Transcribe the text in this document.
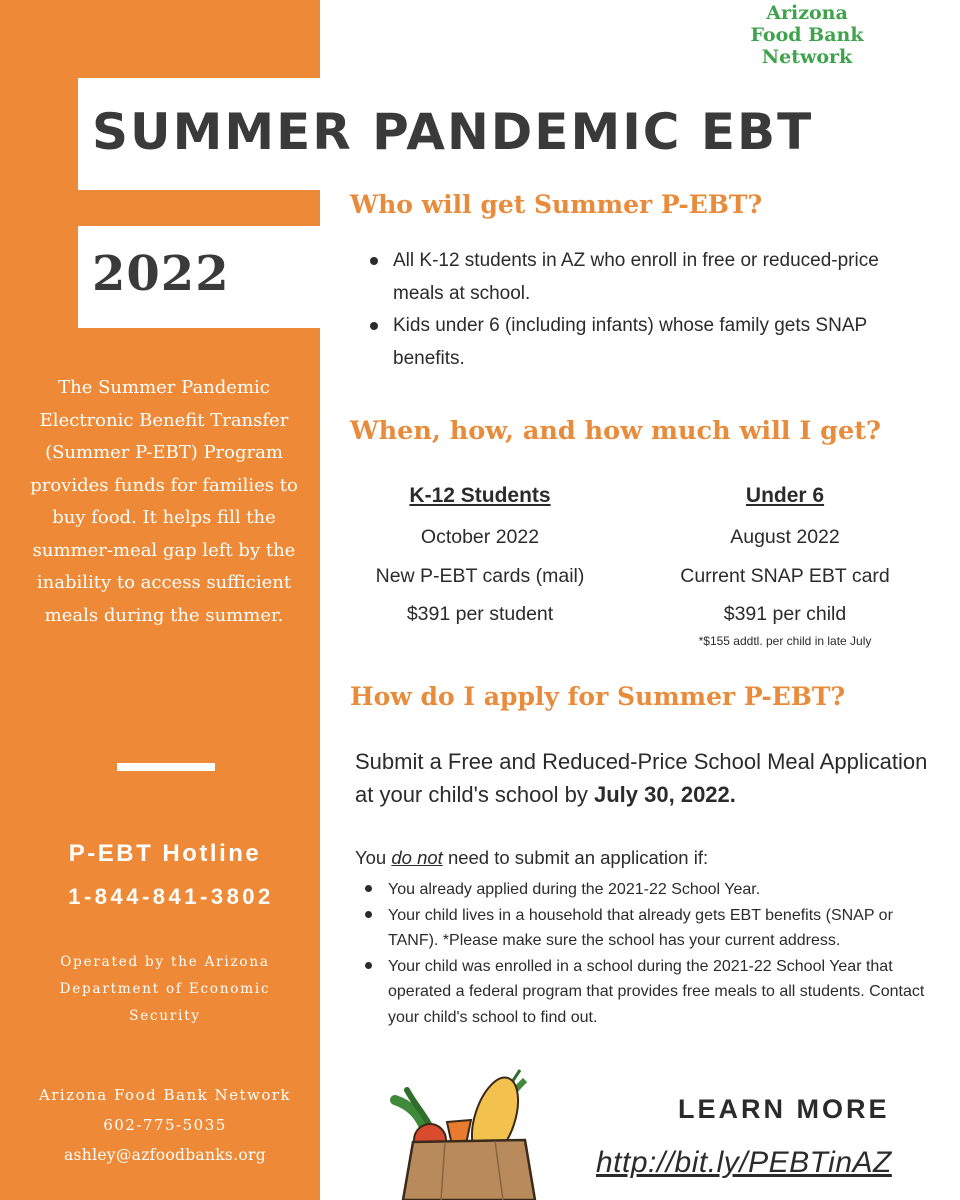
Arizona
Food Bank
Network
SUMMER PANDEMIC EBT
2022
The Summer Pandemic Electronic Benefit Transfer (Summer P-EBT) Program provides funds for families to buy food. It helps fill the summer-meal gap left by the inability to access sufficient meals during the summer.
P-EBT Hotline
1-844-841-3802
Operated by the Arizona Department of Economic Security
Arizona Food Bank Network
602-775-5035
ashley@azfoodbanks.org
Who will get Summer P-EBT?
All K-12 students in AZ who enroll in free or reduced-price meals at school.
Kids under 6 (including infants) whose family gets SNAP benefits.
When, how, and how much will I get?
K-12 Students
October 2022
New P-EBT cards (mail)
$391 per student
Under 6
August 2022
Current SNAP EBT card
$391 per child
*$155 addtl. per child in late July
How do I apply for Summer P-EBT?
Submit a Free and Reduced-Price School Meal Application at your child's school by July 30, 2022.
You do not need to submit an application if:
You already applied during the 2021-22 School Year.
Your child lives in a household that already gets EBT benefits (SNAP or TANF). *Please make sure the school has your current address.
Your child was enrolled in a school during the 2021-22 School Year that operated a federal program that provides free meals to all students. Contact your child's school to find out.
LEARN MORE
http://bit.ly/PEBTinAZ
